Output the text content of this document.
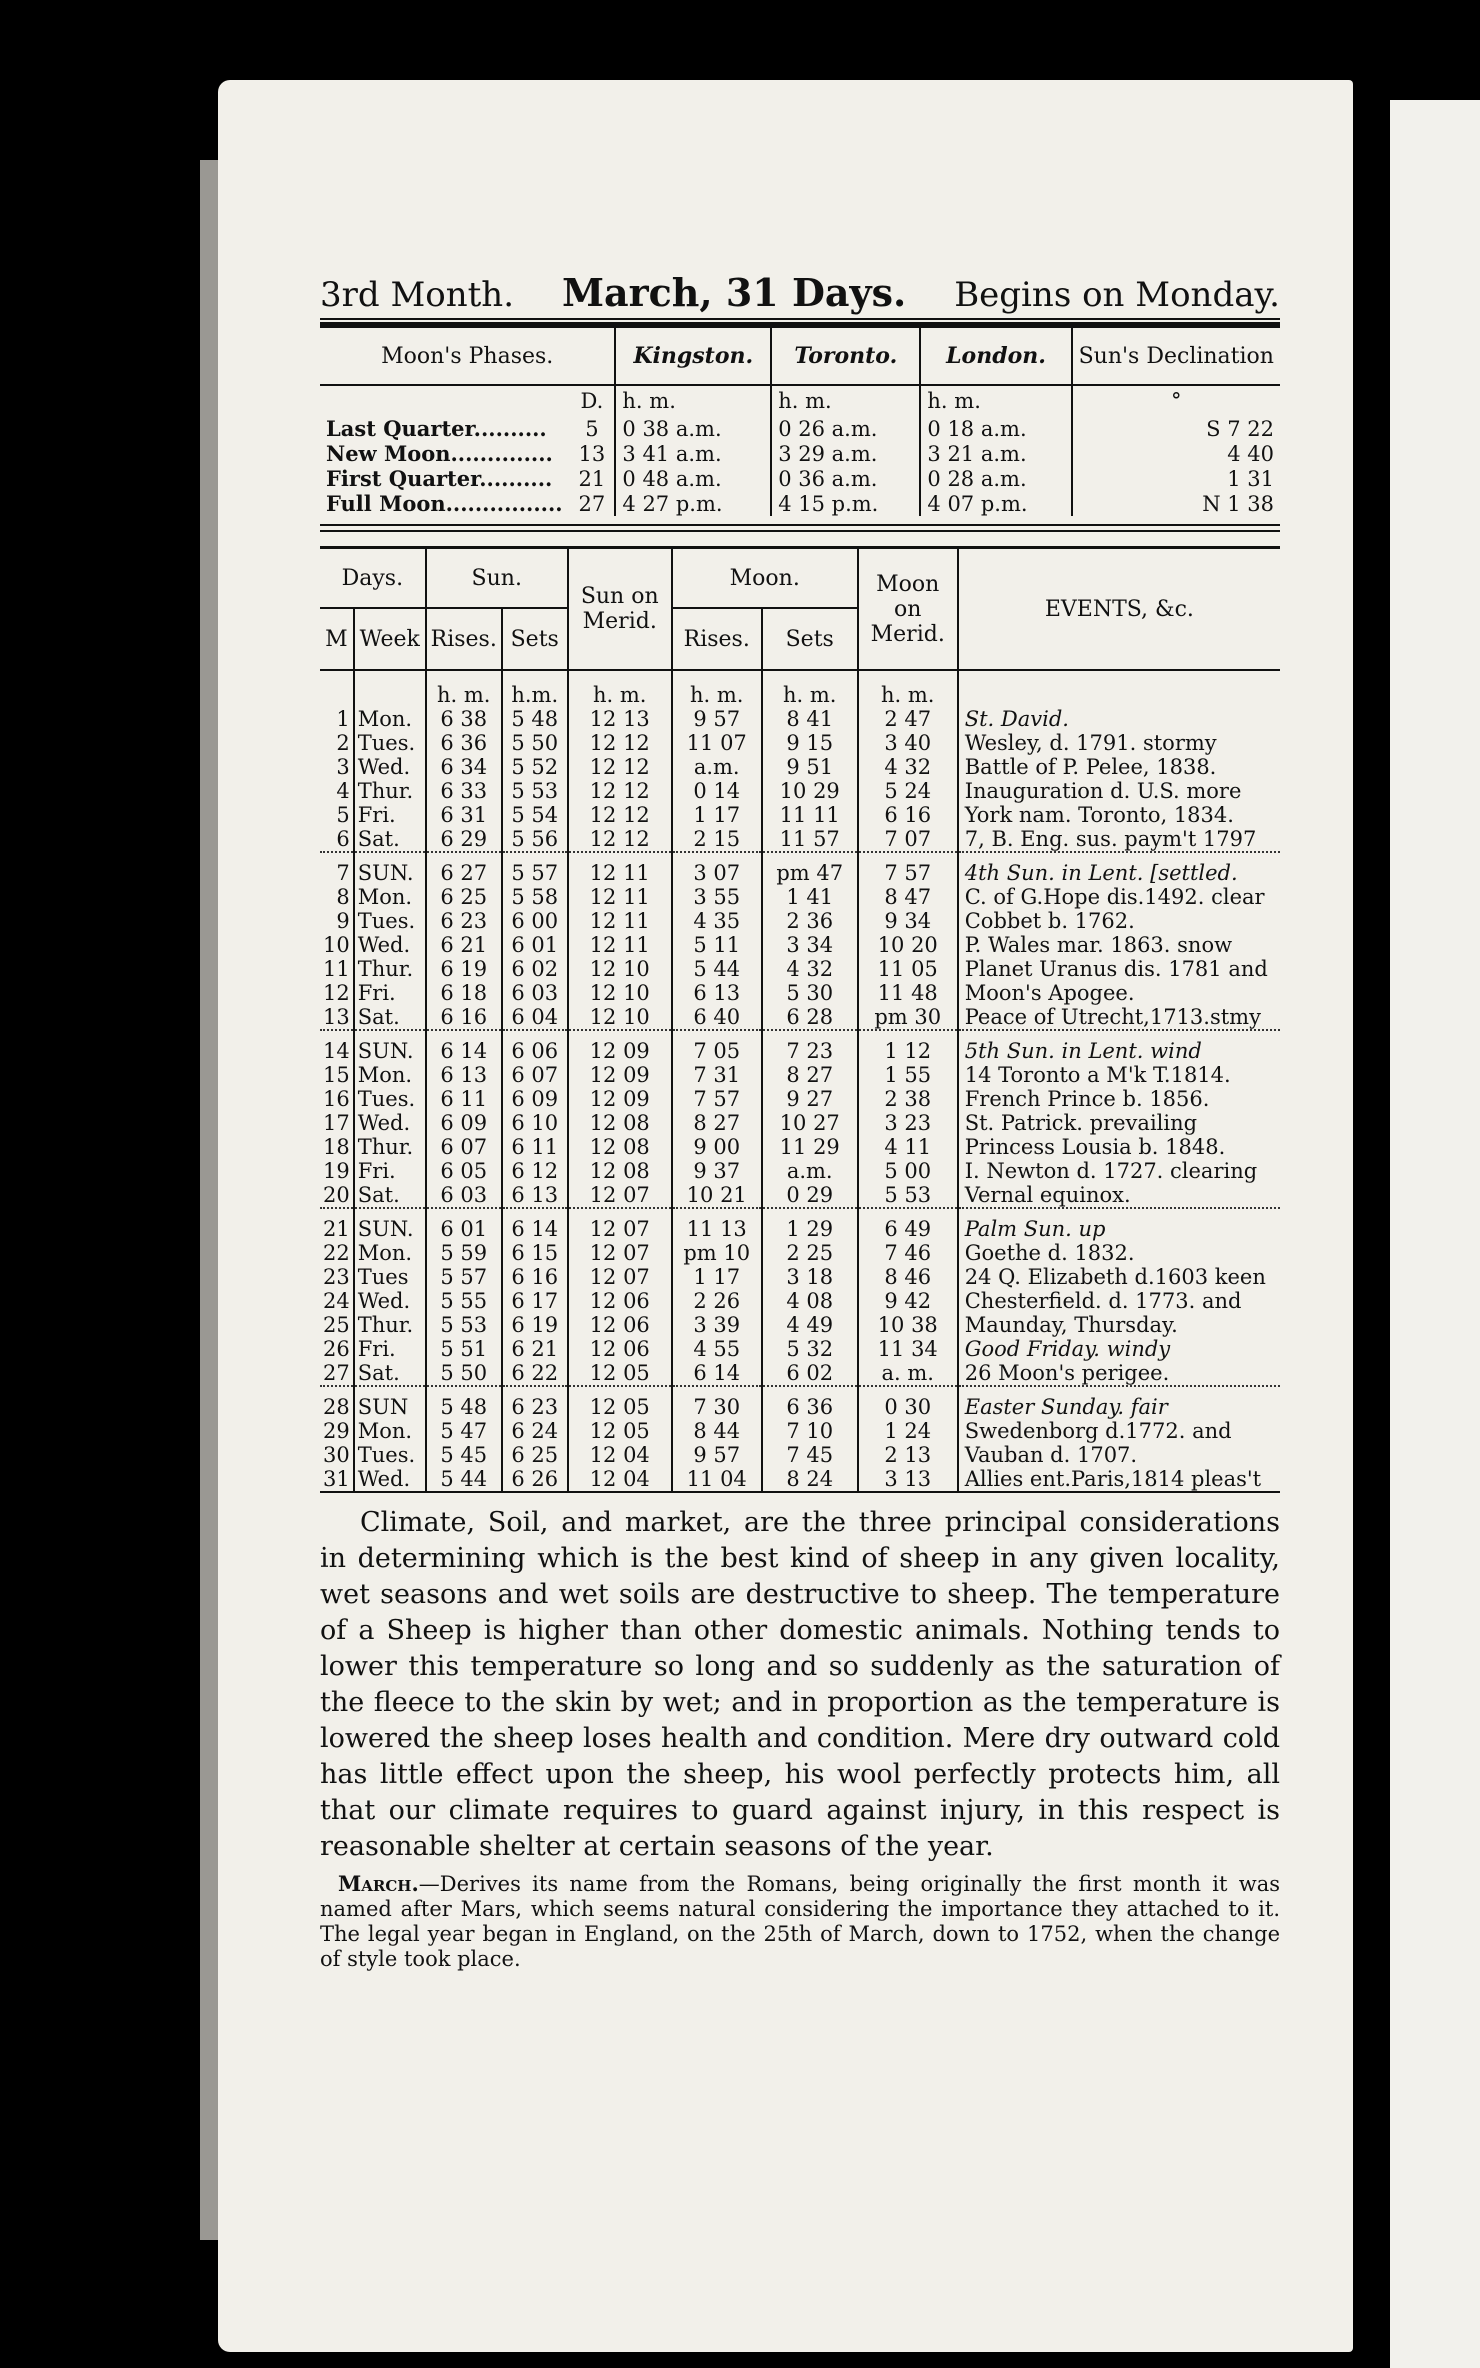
3rd Month. March, 31 Days. Begins on Monday.
Moon's Phases.		Kingston.	Toronto.	London.	Sun's Declination
	D.	h. m.	h. m.	h. m.	°
Last Quarter..........	5	0 38 a.m.	0 26 a.m.	0 18 a.m.	S 7 22
New Moon..............	13	3 41 a.m.	3 29 a.m.	3 21 a.m.	4 40
First Quarter..........	21	0 48 a.m.	0 36 a.m.	0 28 a.m.	1 31
Full Moon................	27	4 27 p.m.	4 15 p.m.	4 07 p.m.	N 1 38
Days.		Sun.		Sun on Merid.	Moon.		Moon on Merid.	EVENTS, &c.
M	Week	Rises.	Sets		Rises.	Sets		
		h. m.	h.m.	h. m.	h. m.	h. m.	h. m.	
1	Mon.	6 38	5 48	12 13	9 57	8 41	2 47	St. David.
2	Tues.	6 36	5 50	12 12	11 07	9 15	3 40	Wesley, d. 1791. stormy
3	Wed.	6 34	5 52	12 12	a.m.	9 51	4 32	Battle of P. Pelee, 1838.
4	Thur.	6 33	5 53	12 12	0 14	10 29	5 24	Inauguration d. U.S. more
5	Fri.	6 31	5 54	12 12	1 17	11 11	6 16	York nam. Toronto, 1834.
6	Sat.	6 29	5 56	12 12	2 15	11 57	7 07	7, B. Eng. sus. paym't 1797

7	SUN.	6 27	5 57	12 11	3 07	pm 47	7 57	4th Sun. in Lent. [settled.
8	Mon.	6 25	5 58	12 11	3 55	1 41	8 47	C. of G.Hope dis.1492. clear
9	Tues.	6 23	6 00	12 11	4 35	2 36	9 34	Cobbet b. 1762.
10	Wed.	6 21	6 01	12 11	5 11	3 34	10 20	P. Wales mar. 1863. snow
11	Thur.	6 19	6 02	12 10	5 44	4 32	11 05	Planet Uranus dis. 1781 and
12	Fri.	6 18	6 03	12 10	6 13	5 30	11 48	Moon's Apogee.
13	Sat.	6 16	6 04	12 10	6 40	6 28	pm 30	Peace of Utrecht,1713.stmy

14	SUN.	6 14	6 06	12 09	7 05	7 23	1 12	5th Sun. in Lent. wind
15	Mon.	6 13	6 07	12 09	7 31	8 27	1 55	14 Toronto a M'k T.1814.
16	Tues.	6 11	6 09	12 09	7 57	9 27	2 38	French Prince b. 1856.
17	Wed.	6 09	6 10	12 08	8 27	10 27	3 23	St. Patrick. prevailing
18	Thur.	6 07	6 11	12 08	9 00	11 29	4 11	Princess Lousia b. 1848.
19	Fri.	6 05	6 12	12 08	9 37	a.m.	5 00	I. Newton d. 1727. clearing
20	Sat.	6 03	6 13	12 07	10 21	0 29	5 53	Vernal equinox.

21	SUN.	6 01	6 14	12 07	11 13	1 29	6 49	Palm Sun. up
22	Mon.	5 59	6 15	12 07	pm 10	2 25	7 46	Goethe d. 1832.
23	Tues	5 57	6 16	12 07	1 17	3 18	8 46	24 Q. Elizabeth d.1603 keen
24	Wed.	5 55	6 17	12 06	2 26	4 08	9 42	Chesterfield. d. 1773. and
25	Thur.	5 53	6 19	12 06	3 39	4 49	10 38	Maunday, Thursday.
26	Fri.	5 51	6 21	12 06	4 55	5 32	11 34	Good Friday. windy
27	Sat.	5 50	6 22	12 05	6 14	6 02	a. m.	26 Moon's perigee.

28	SUN	5 48	6 23	12 05	7 30	6 36	0 30	Easter Sunday. fair
29	Mon.	5 47	6 24	12 05	8 44	7 10	1 24	Swedenborg d.1772. and
30	Tues.	5 45	6 25	12 04	9 57	7 45	2 13	Vauban d. 1707.
31	Wed.	5 44	6 26	12 04	11 04	8 24	3 13	Allies ent.Paris,1814 pleas't

Climate, Soil, and market, are the three principal considerations in determining which is the best kind of sheep in any given locality, wet seasons and wet soils are destructive to sheep. The temperature of a Sheep is higher than other domestic animals. Nothing tends to lower this temperature so long and so suddenly as the saturation of the fleece to the skin by wet; and in proportion as the temperature is lowered the sheep loses health and condition. Mere dry outward cold has little effect upon the sheep, his wool perfectly protects him, all that our climate requires to guard against injury, in this respect is reasonable shelter at certain seasons of the year.

March.—Derives its name from the Romans, being originally the first month it was named after Mars, which seems natural considering the importance they attached to it. The legal year began in England, on the 25th of March, down to 1752, when the change of style took place.
